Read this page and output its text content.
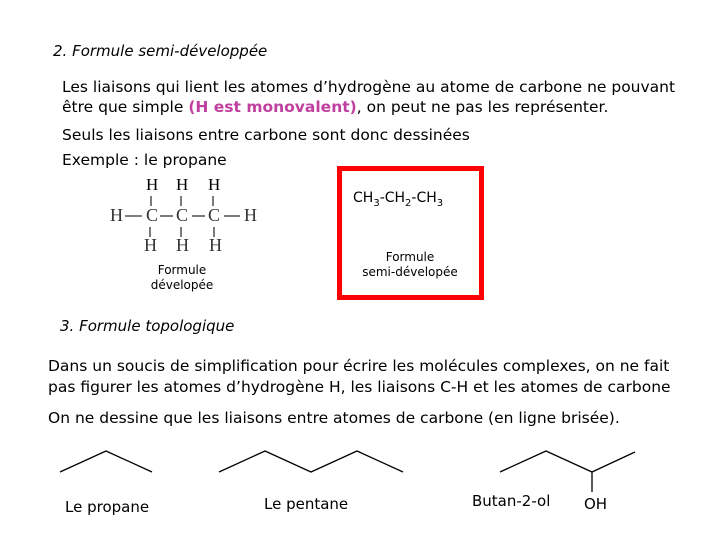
2. Formule semi-développée
Les liaisons qui lient les atomes d’hydrogène au atome de carbone ne pouvant
être que simple (H est monovalent), on peut ne pas les représenter.
Seuls les liaisons entre carbone sont donc dessinées
Exemple : le propane
H H H
H C C C H
H H H
Formule
dévelopée
$CH_3-CH_2-CH_3$
Formule
semi-dévelopée
3. Formule topologique
Dans un soucis de simplification pour écrire les molécules complexes, on ne fait
pas figurer les atomes d’hydrogène H, les liaisons C-H et les atomes de carbone
On ne dessine que les liaisons entre atomes de carbone (en ligne brisée).
Le propane	Le pentane	Butan-2-ol OH
